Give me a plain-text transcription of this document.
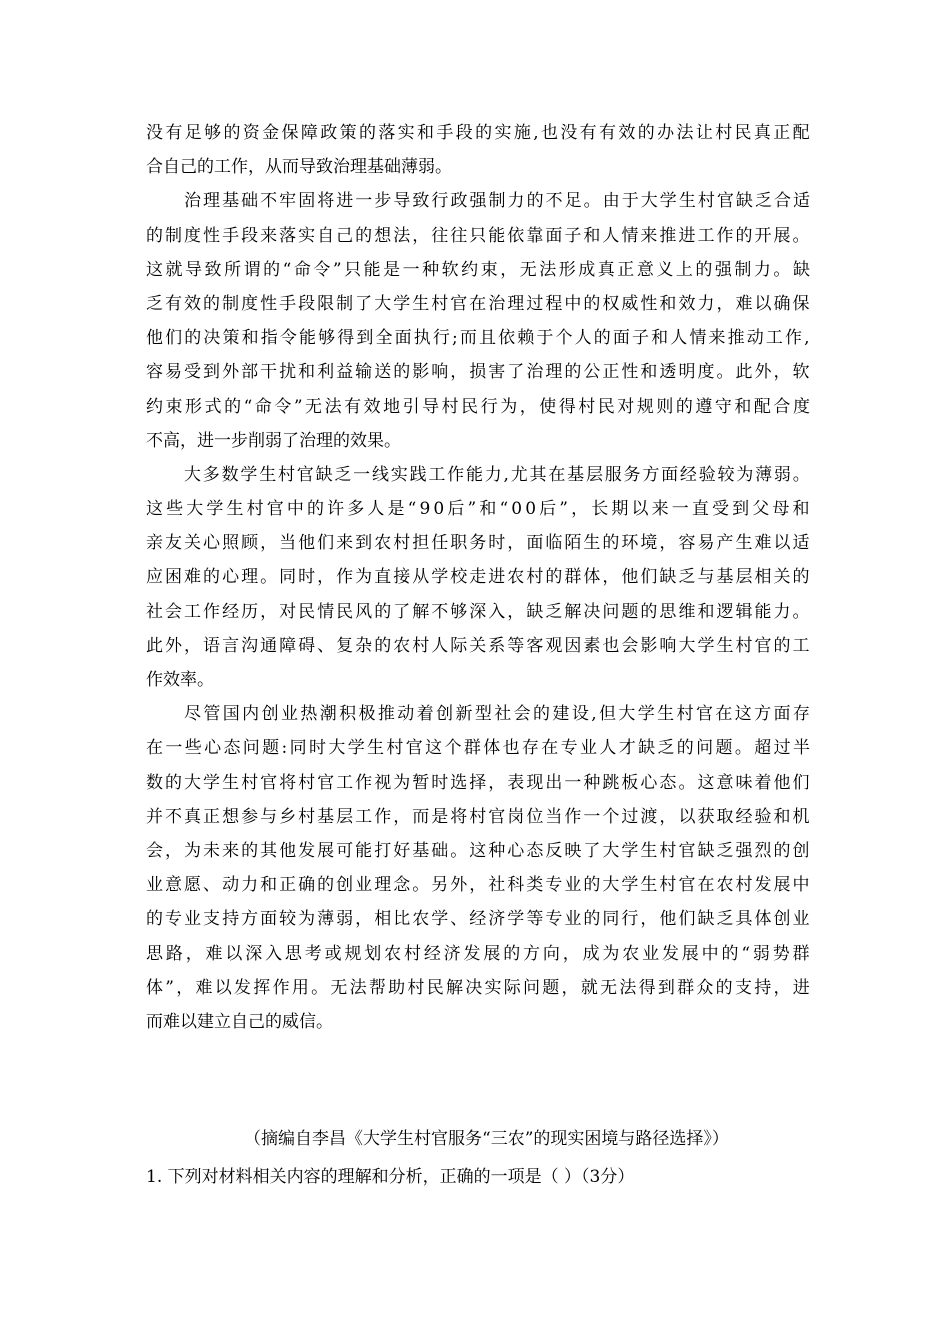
没 有 足 够 的 资 金 保 障 政 策 的 落 实 和 手 段 的 实 施 , 也 没 有 有 效 的 办 法 让 村 民 真 正 配
合 自 己 的 工 作 ， 从 而 导 致 治 理 基 础 薄 弱 。
治 理 基 础 不 牢 固 将 进 一 步 导 致 行 政 强 制 力 的 不 足 。 由 于 大 学 生 村 官 缺 乏 合 适
的 制 度 性 手 段 来 落 实 自 己 的 想 法 ， 往 往 只 能 依 靠 面 子 和 人 情 来 推 进 工 作 的 开 展 。
这 就 导 致 所 谓 的 “ 命 令 ” 只 能 是 一 种 软 约 束 ， 无 法 形 成 真 正 意 义 上 的 强 制 力 。 缺
乏 有 效 的 制 度 性 手 段 限 制 了 大 学 生 村 官 在 治 理 过 程 中 的 权 威 性 和 效 力 ， 难 以 确 保
他 们 的 决 策 和 指 令 能 够 得 到 全 面 执 行 ; 而 且 依 赖 于 个 人 的 面 子 和 人 情 来 推 动 工 作 ,
容 易 受 到 外 部 干 扰 和 利 益 输 送 的 影 响 ， 损 害 了 治 理 的 公 正 性 和 透 明 度 。 此 外 ， 软
约 束 形 式 的 “ 命 令 ” 无 法 有 效 地 引 导 村 民 行 为 ， 使 得 村 民 对 规 则 的 遵 守 和 配 合 度
不 高 ， 进 一 步 削 弱 了 治 理 的 效 果 。
大 多 数 学 生 村 官 缺 乏 一 线 实 践 工 作 能 力 , 尤 其 在 基 层 服 务 方 面 经 验 较 为 薄 弱 。
这 些 大 学 生 村 官 中 的 许 多 人 是 “ 9 0 后 ” 和 “ 0 0 后 ” ， 长 期 以 来 一 直 受 到 父 母 和
亲 友 关 心 照 顾 ， 当 他 们 来 到 农 村 担 任 职 务 时 ， 面 临 陌 生 的 环 境 ， 容 易 产 生 难 以 适
应 困 难 的 心 理 。 同 时 ， 作 为 直 接 从 学 校 走 进 农 村 的 群 体 ， 他 们 缺 乏 与 基 层 相 关 的
社 会 工 作 经 历 ， 对 民 情 民 风 的 了 解 不 够 深 入 ， 缺 乏 解 决 问 题 的 思 维 和 逻 辑 能 力 。
此 外 ， 语 言 沟 通 障 碍 、 复 杂 的 农 村 人 际 关 系 等 客 观 因 素 也 会 影 响 大 学 生 村 官 的 工
作 效 率 。
尽 管 国 内 创 业 热 潮 积 极 推 动 着 创 新 型 社 会 的 建 设 , 但 大 学 生 村 官 在 这 方 面 存
在 一 些 心 态 问 题 : 同 时 大 学 生 村 官 这 个 群 体 也 存 在 专 业 人 才 缺 乏 的 问 题 。 超 过 半
数 的 大 学 生 村 官 将 村 官 工 作 视 为 暂 时 选 择 ， 表 现 出 一 种 跳 板 心 态 。 这 意 味 着 他 们
并 不 真 正 想 参 与 乡 村 基 层 工 作 ， 而 是 将 村 官 岗 位 当 作 一 个 过 渡 ， 以 获 取 经 验 和 机
会 ， 为 未 来 的 其 他 发 展 可 能 打 好 基 础 。 这 种 心 态 反 映 了 大 学 生 村 官 缺 乏 强 烈 的 创
业 意 愿 、 动 力 和 正 确 的 创 业 理 念 。 另 外 ， 社 科 类 专 业 的 大 学 生 村 官 在 农 村 发 展 中
的 专 业 支 持 方 面 较 为 薄 弱 ， 相 比 农 学 、 经 济 学 等 专 业 的 同 行 ， 他 们 缺 乏 具 体 创 业
思 路 ， 难 以 深 入 思 考 或 规 划 农 村 经 济 发 展 的 方 向 ， 成 为 农 业 发 展 中 的 “ 弱 势 群
体 ” ， 难 以 发 挥 作 用 。 无 法 帮 助 村 民 解 决 实 际 问 题 ， 就 无 法 得 到 群 众 的 支 持 ， 进
而 难 以 建 立 自 己 的 威 信 。
（摘编自李昌《大学生村官服务“三农”的现实困境与路径选择》）
1. 下列对材料相关内容的理解和分析，正确的一项是（ ）（3分）
